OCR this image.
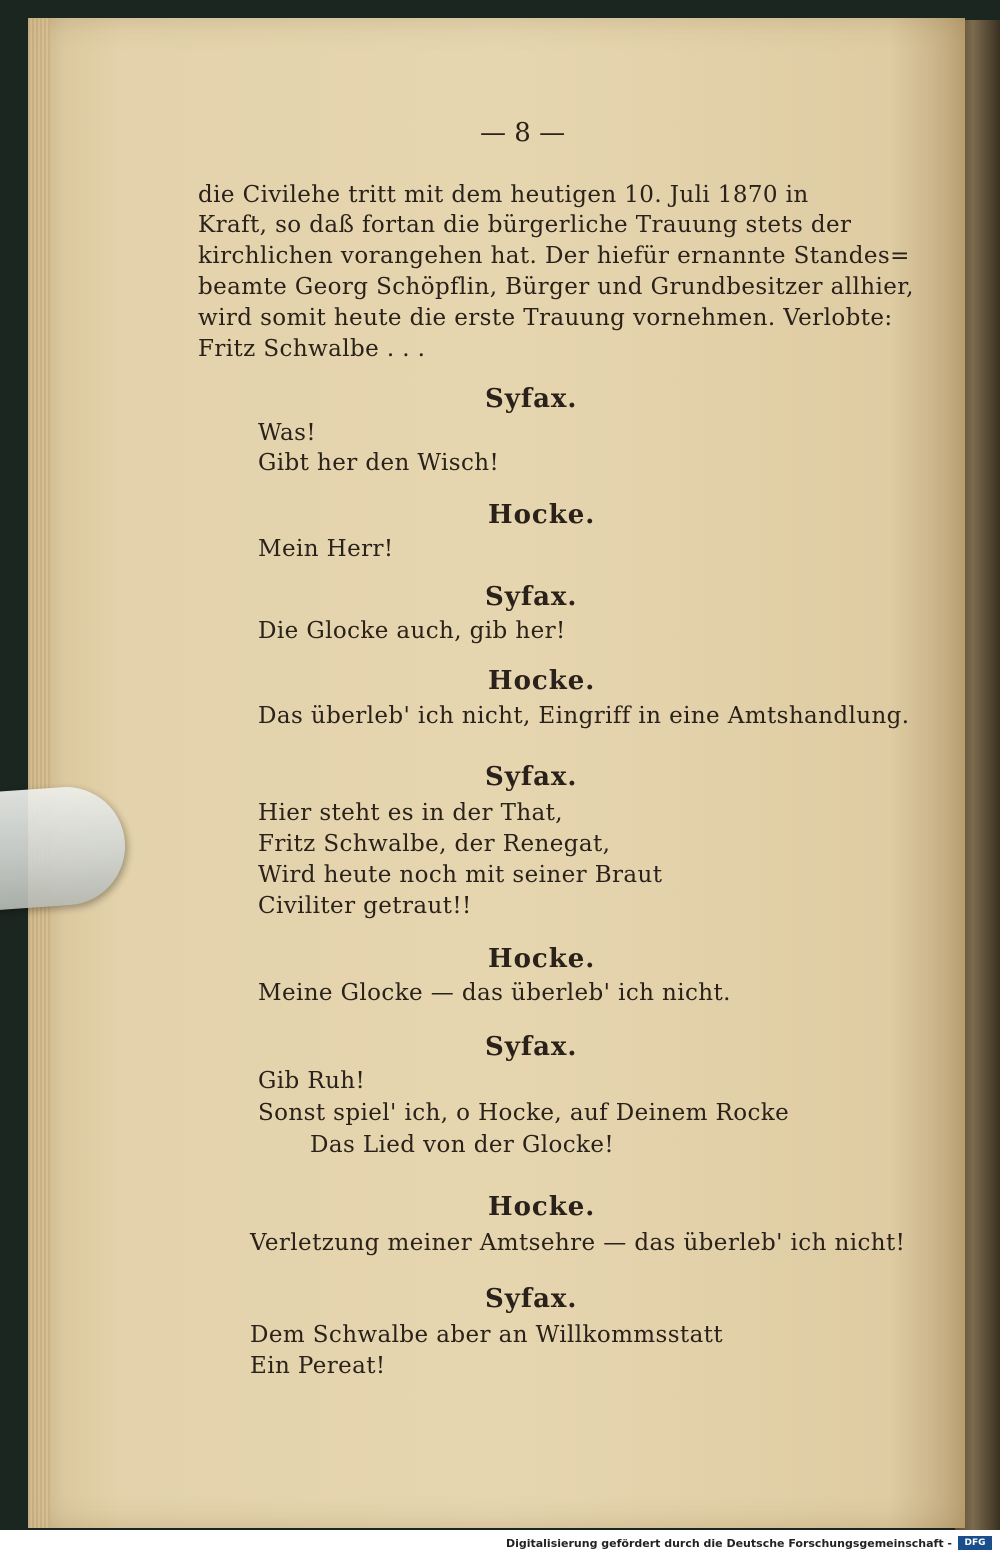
— 8 —
die Civilehe tritt mit dem heutigen 10. Juli 1870 in
Kraft, so daß fortan die bürgerliche Trauung stets der
kirchlichen vorangehen hat. Der hiefür ernannte Standes=
beamte Georg Schöpflin, Bürger und Grundbesitzer allhier,
wird somit heute die erste Trauung vornehmen. Verlobte:
Fritz Schwalbe . . .
Syfax.
Was!
Gibt her den Wisch!
Hocke.
Mein Herr!
Syfax.
Die Glocke auch, gib her!
Hocke.
Das überleb' ich nicht, Eingriff in eine Amtshandlung.
Syfax.
Hier steht es in der That,
Fritz Schwalbe, der Renegat,
Wird heute noch mit seiner Braut
Civiliter getraut!!
Hocke.
Meine Glocke — das überleb' ich nicht.
Syfax.
Gib Ruh!
Sonst spiel' ich, o Hocke, auf Deinem Rocke
Das Lied von der Glocke!
Hocke.
Verletzung meiner Amtsehre — das überleb' ich nicht!
Syfax.
Dem Schwalbe aber an Willkommsstatt
Ein Pereat!
Digitalisierung gefördert durch die Deutsche Forschungsgemeinschaft -	DFG
